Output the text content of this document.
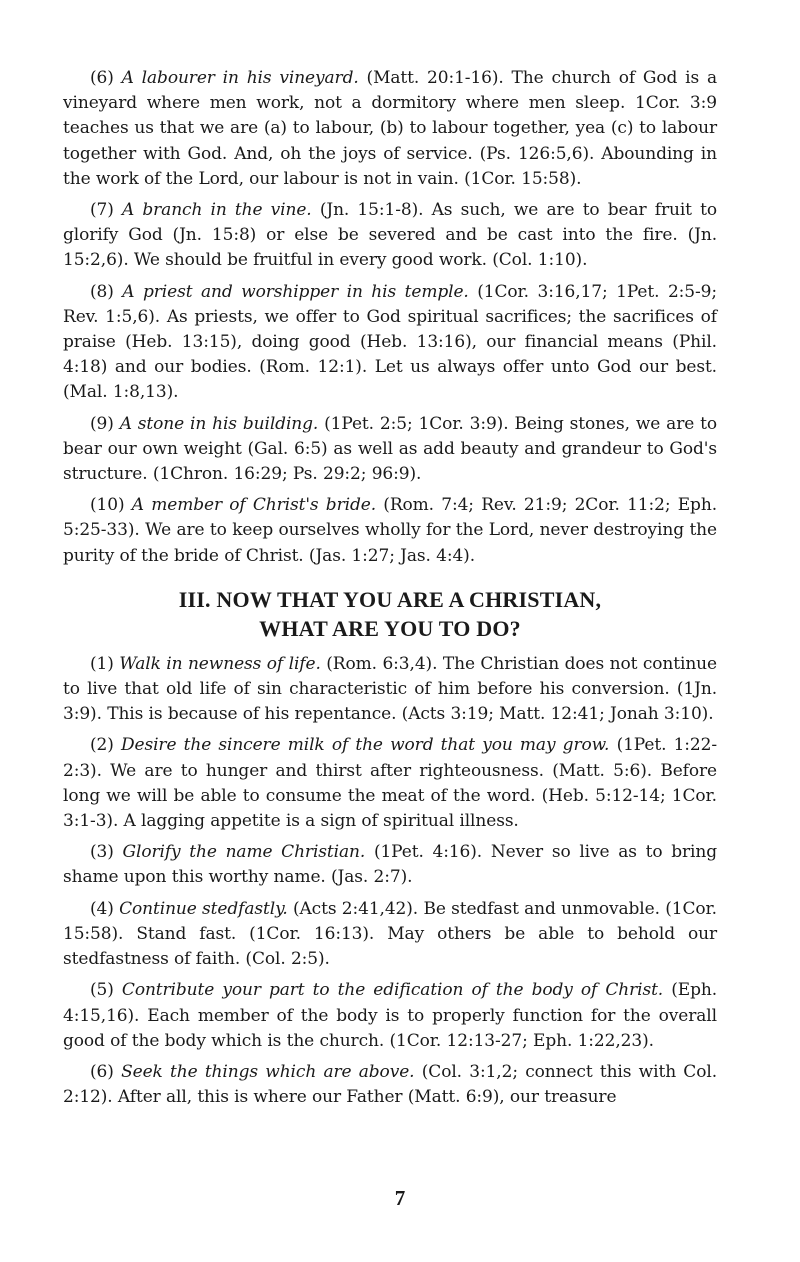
(6) A labourer in his vineyard. (Matt. 20:1-16). The church of God is a vineyard where men work, not a dormitory where men sleep. 1Cor. 3:9 teaches us that we are (a) to labour, (b) to labour together, yea (c) to labour together with God. And, oh the joys of service. (Ps. 126:5,6). Abounding in the work of the Lord, our labour is not in vain. (1Cor. 15:58).

(7) A branch in the vine. (Jn. 15:1-8). As such, we are to bear fruit to glorify God (Jn. 15:8) or else be severed and be cast into the fire. (Jn. 15:2,6). We should be fruitful in every good work. (Col. 1:10).

(8) A priest and worshipper in his temple. (1Cor. 3:16,17; 1Pet. 2:5-9; Rev. 1:5,6). As priests, we offer to God spiritual sacrifices; the sacrifices of praise (Heb. 13:15), doing good (Heb. 13:16), our financial means (Phil. 4:18) and our bodies. (Rom. 12:1). Let us always offer unto God our best. (Mal. 1:8,13).

(9) A stone in his building. (1Pet. 2:5; 1Cor. 3:9). Being stones, we are to bear our own weight (Gal. 6:5) as well as add beauty and grandeur to God's structure. (1Chron. 16:29; Ps. 29:2; 96:9).

(10) A member of Christ's bride. (Rom. 7:4; Rev. 21:9; 2Cor. 11:2; Eph. 5:25-33). We are to keep ourselves wholly for the Lord, never destroying the purity of the bride of Christ. (Jas. 1:27; Jas. 4:4).

III. NOW THAT YOU ARE A CHRISTIAN,
WHAT ARE YOU TO DO?

(1) Walk in newness of life. (Rom. 6:3,4). The Christian does not continue to live that old life of sin characteristic of him before his conversion. (1Jn. 3:9). This is because of his repentance. (Acts 3:19; Matt. 12:41; Jonah 3:10).

(2) Desire the sincere milk of the word that you may grow. (1Pet. 1:22-2:3). We are to hunger and thirst after righteousness. (Matt. 5:6). Before long we will be able to consume the meat of the word. (Heb. 5:12-14; 1Cor. 3:1-3). A lagging appetite is a sign of spiritual illness.

(3) Glorify the name Christian. (1Pet. 4:16). Never so live as to bring shame upon this worthy name. (Jas. 2:7).

(4) Continue stedfastly. (Acts 2:41,42). Be stedfast and unmovable. (1Cor. 15:58). Stand fast. (1Cor. 16:13). May others be able to behold our stedfastness of faith. (Col. 2:5).

(5) Contribute your part to the edification of the body of Christ. (Eph. 4:15,16). Each member of the body is to properly function for the overall good of the body which is the church. (1Cor. 12:13-27; Eph. 1:22,23).

(6) Seek the things which are above. (Col. 3:1,2; connect this with Col. 2:12). After all, this is where our Father (Matt. 6:9), our treasure

7
